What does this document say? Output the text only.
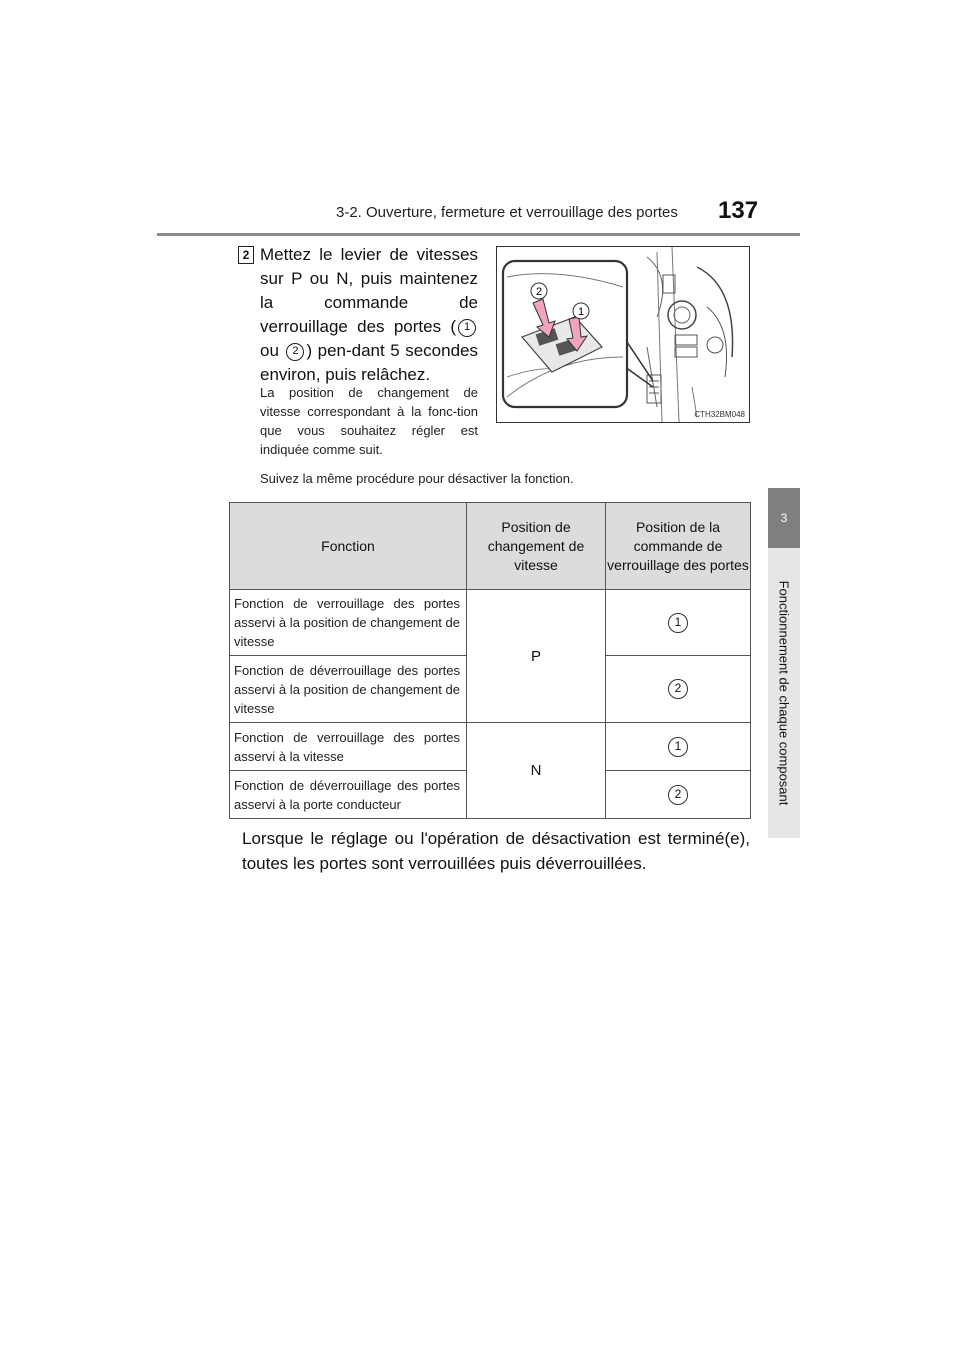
3-2. Ouverture, fermeture et verrouillage des portes 137
3
Fonctionnement de chaque composant
2 Mettez le levier de vitesses sur P ou N, puis maintenez la commande de verrouillage des portes ( 1 ou 2 ) pen-dant 5 secondes environ, puis relâchez.
La position de changement de vitesse correspondant à la fonc-tion que vous souhaitez régler est indiquée comme suit.
Suivez la même procédure pour désactiver la fonction.
2
1
CTH32BM048
Fonction	Position de changement de vitesse	Position de la commande de verrouillage des portes
Fonction de verrouillage des portes asservi à la position de changement de vitesse	P	1
Fonction de déverrouillage des portes asservi à la position de changement de vitesse		2
Fonction de verrouillage des portes asservi à la vitesse	N	1
Fonction de déverrouillage des portes asservi à la porte conducteur		2
Lorsque le réglage ou l'opération de désactivation est terminé(e), toutes les portes sont verrouillées puis déverrouillées.
